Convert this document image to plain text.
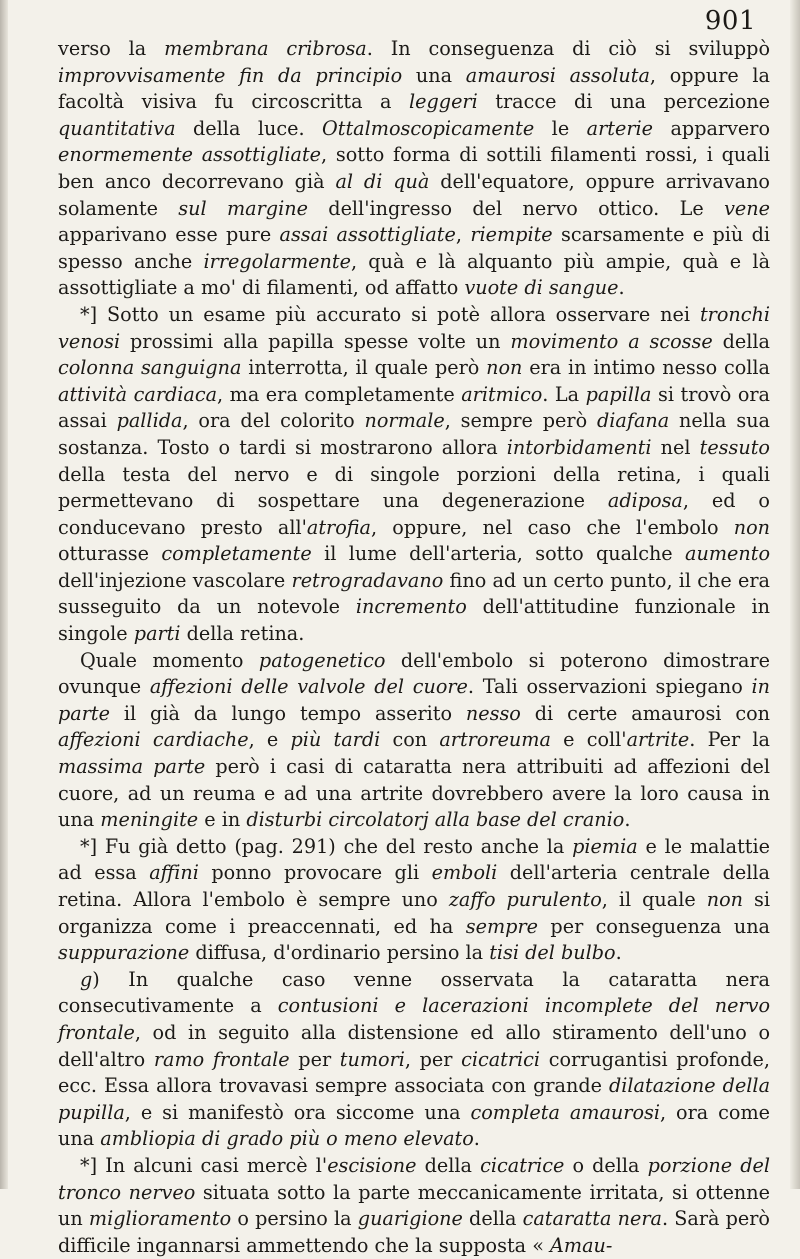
901

verso la membrana cribrosa. In conseguenza di ciò si sviluppò improvvisamente fin da principio una amaurosi assoluta, oppure la facoltà visiva fu circoscritta a leggeri tracce di una percezione quantitativa della luce. Ottalmoscopicamente le arterie apparvero enormemente assottigliate, sotto forma di sottili filamenti rossi, i quali ben anco decorrevano già al di quà dell'equatore, oppure arrivavano solamente sul margine dell'ingresso del nervo ottico. Le vene apparivano esse pure assai assottigliate, riempite scarsamente e più di spesso anche irregolarmente, quà e là alquanto più ampie, quà e là assottigliate a mo' di filamenti, od affatto vuote di sangue.

*] Sotto un esame più accurato si potè allora osservare nei tronchi venosi prossimi alla papilla spesse volte un movimento a scosse della colonna sanguigna interrotta, il quale però non era in intimo nesso colla attività cardiaca, ma era completamente aritmico. La papilla si trovò ora assai pallida, ora del colorito normale, sempre però diafana nella sua sostanza. Tosto o tardi si mostrarono allora intorbidamenti nel tessuto della testa del nervo e di singole porzioni della retina, i quali permettevano di sospettare una degenerazione adiposa, ed o conducevano presto all'atrofia, oppure, nel caso che l'embolo non otturasse completamente il lume dell'arteria, sotto qualche aumento dell'injezione vascolare retrogradavano fino ad un certo punto, il che era susseguito da un notevole incremento dell'attitudine funzionale in singole parti della retina.

Quale momento patogenetico dell'embolo si poterono dimostrare ovunque affezioni delle valvole del cuore. Tali osservazioni spiegano in parte il già da lungo tempo asserito nesso di certe amaurosi con affezioni cardiache, e più tardi con artroreuma e coll'artrite. Per la massima parte però i casi di cataratta nera attribuiti ad affezioni del cuore, ad un reuma e ad una artrite dovrebbero avere la loro causa in una meningite e in disturbi circolatorj alla base del cranio.

*] Fu già detto (pag. 291) che del resto anche la piemia e le malattie ad essa affini ponno provocare gli emboli dell'arteria centrale della retina. Allora l'embolo è sempre uno zaffo purulento, il quale non si organizza come i preaccennati, ed ha sempre per conseguenza una suppurazione diffusa, d'ordinario persino la tisi del bulbo.

g) In qualche caso venne osservata la cataratta nera consecutivamente a contusioni e lacerazioni incomplete del nervo frontale, od in seguito alla distensione ed allo stiramento dell'uno o dell'altro ramo frontale per tumori, per cicatrici corrugantisi profonde, ecc. Essa allora trovavasi sempre associata con grande dilatazione della pupilla, e si manifestò ora siccome una completa amaurosi, ora come una ambliopia di grado più o meno elevato.

*] In alcuni casi mercè l'escisione della cicatrice o della porzione del tronco nerveo situata sotto la parte meccanicamente irritata, si ottenne un miglioramento o persino la guarigione della cataratta nera. Sarà però difficile ingannarsi ammettendo che la supposta « Amau-
